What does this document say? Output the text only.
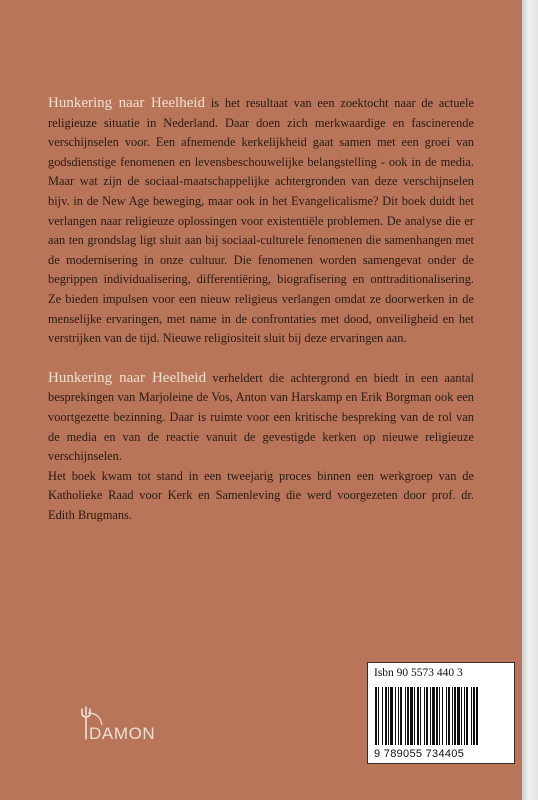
Hunkering naar Heelheid is het resultaat van een zoektocht naar de actuele religieuze situatie in Nederland. Daar doen zich merkwaardige en fascinerende verschijnselen voor. Een afnemende kerkelijkheid gaat samen met een groei van godsdienstige fenomenen en levensbeschouwelijke belangstelling - ook in de media. Maar wat zijn de sociaal-maatschappelijke achtergronden van deze verschijnselen bijv. in de New Age beweging, maar ook in het Evangelicalisme? Dit boek duidt het verlangen naar religieuze oplossingen voor existentiële problemen. De analyse die er aan ten grondslag ligt sluit aan bij sociaal-culturele fenomenen die samenhangen met de modernisering in onze cultuur. Die fenomenen worden samengevat onder de begrippen individualisering, differentiëring, biografisering en onttraditionalisering. Ze bieden impulsen voor een nieuw religieus verlangen omdat ze doorwerken in de menselijke ervaringen, met name in de confrontaties met dood, onveiligheid en het verstrijken van de tijd. Nieuwe religiositeit sluit bij deze ervaringen aan.

Hunkering naar Heelheid verheldert die achtergrond en biedt in een aantal besprekingen van Marjoleine de Vos, Anton van Harskamp en Erik Borgman ook een voortgezette bezinning. Daar is ruimte voor een kritische bespreking van de rol van de media en van de reactie vanuit de gevestigde kerken op nieuwe religieuze verschijnselen.

Het boek kwam tot stand in een tweejarig proces binnen een werkgroep van de Katholieke Raad voor Kerk en Samenleving die werd voorgezeten door prof. dr. Edith Brugmans.

DAMON
Isbn 90 5573 440 3
9 789055 734405
